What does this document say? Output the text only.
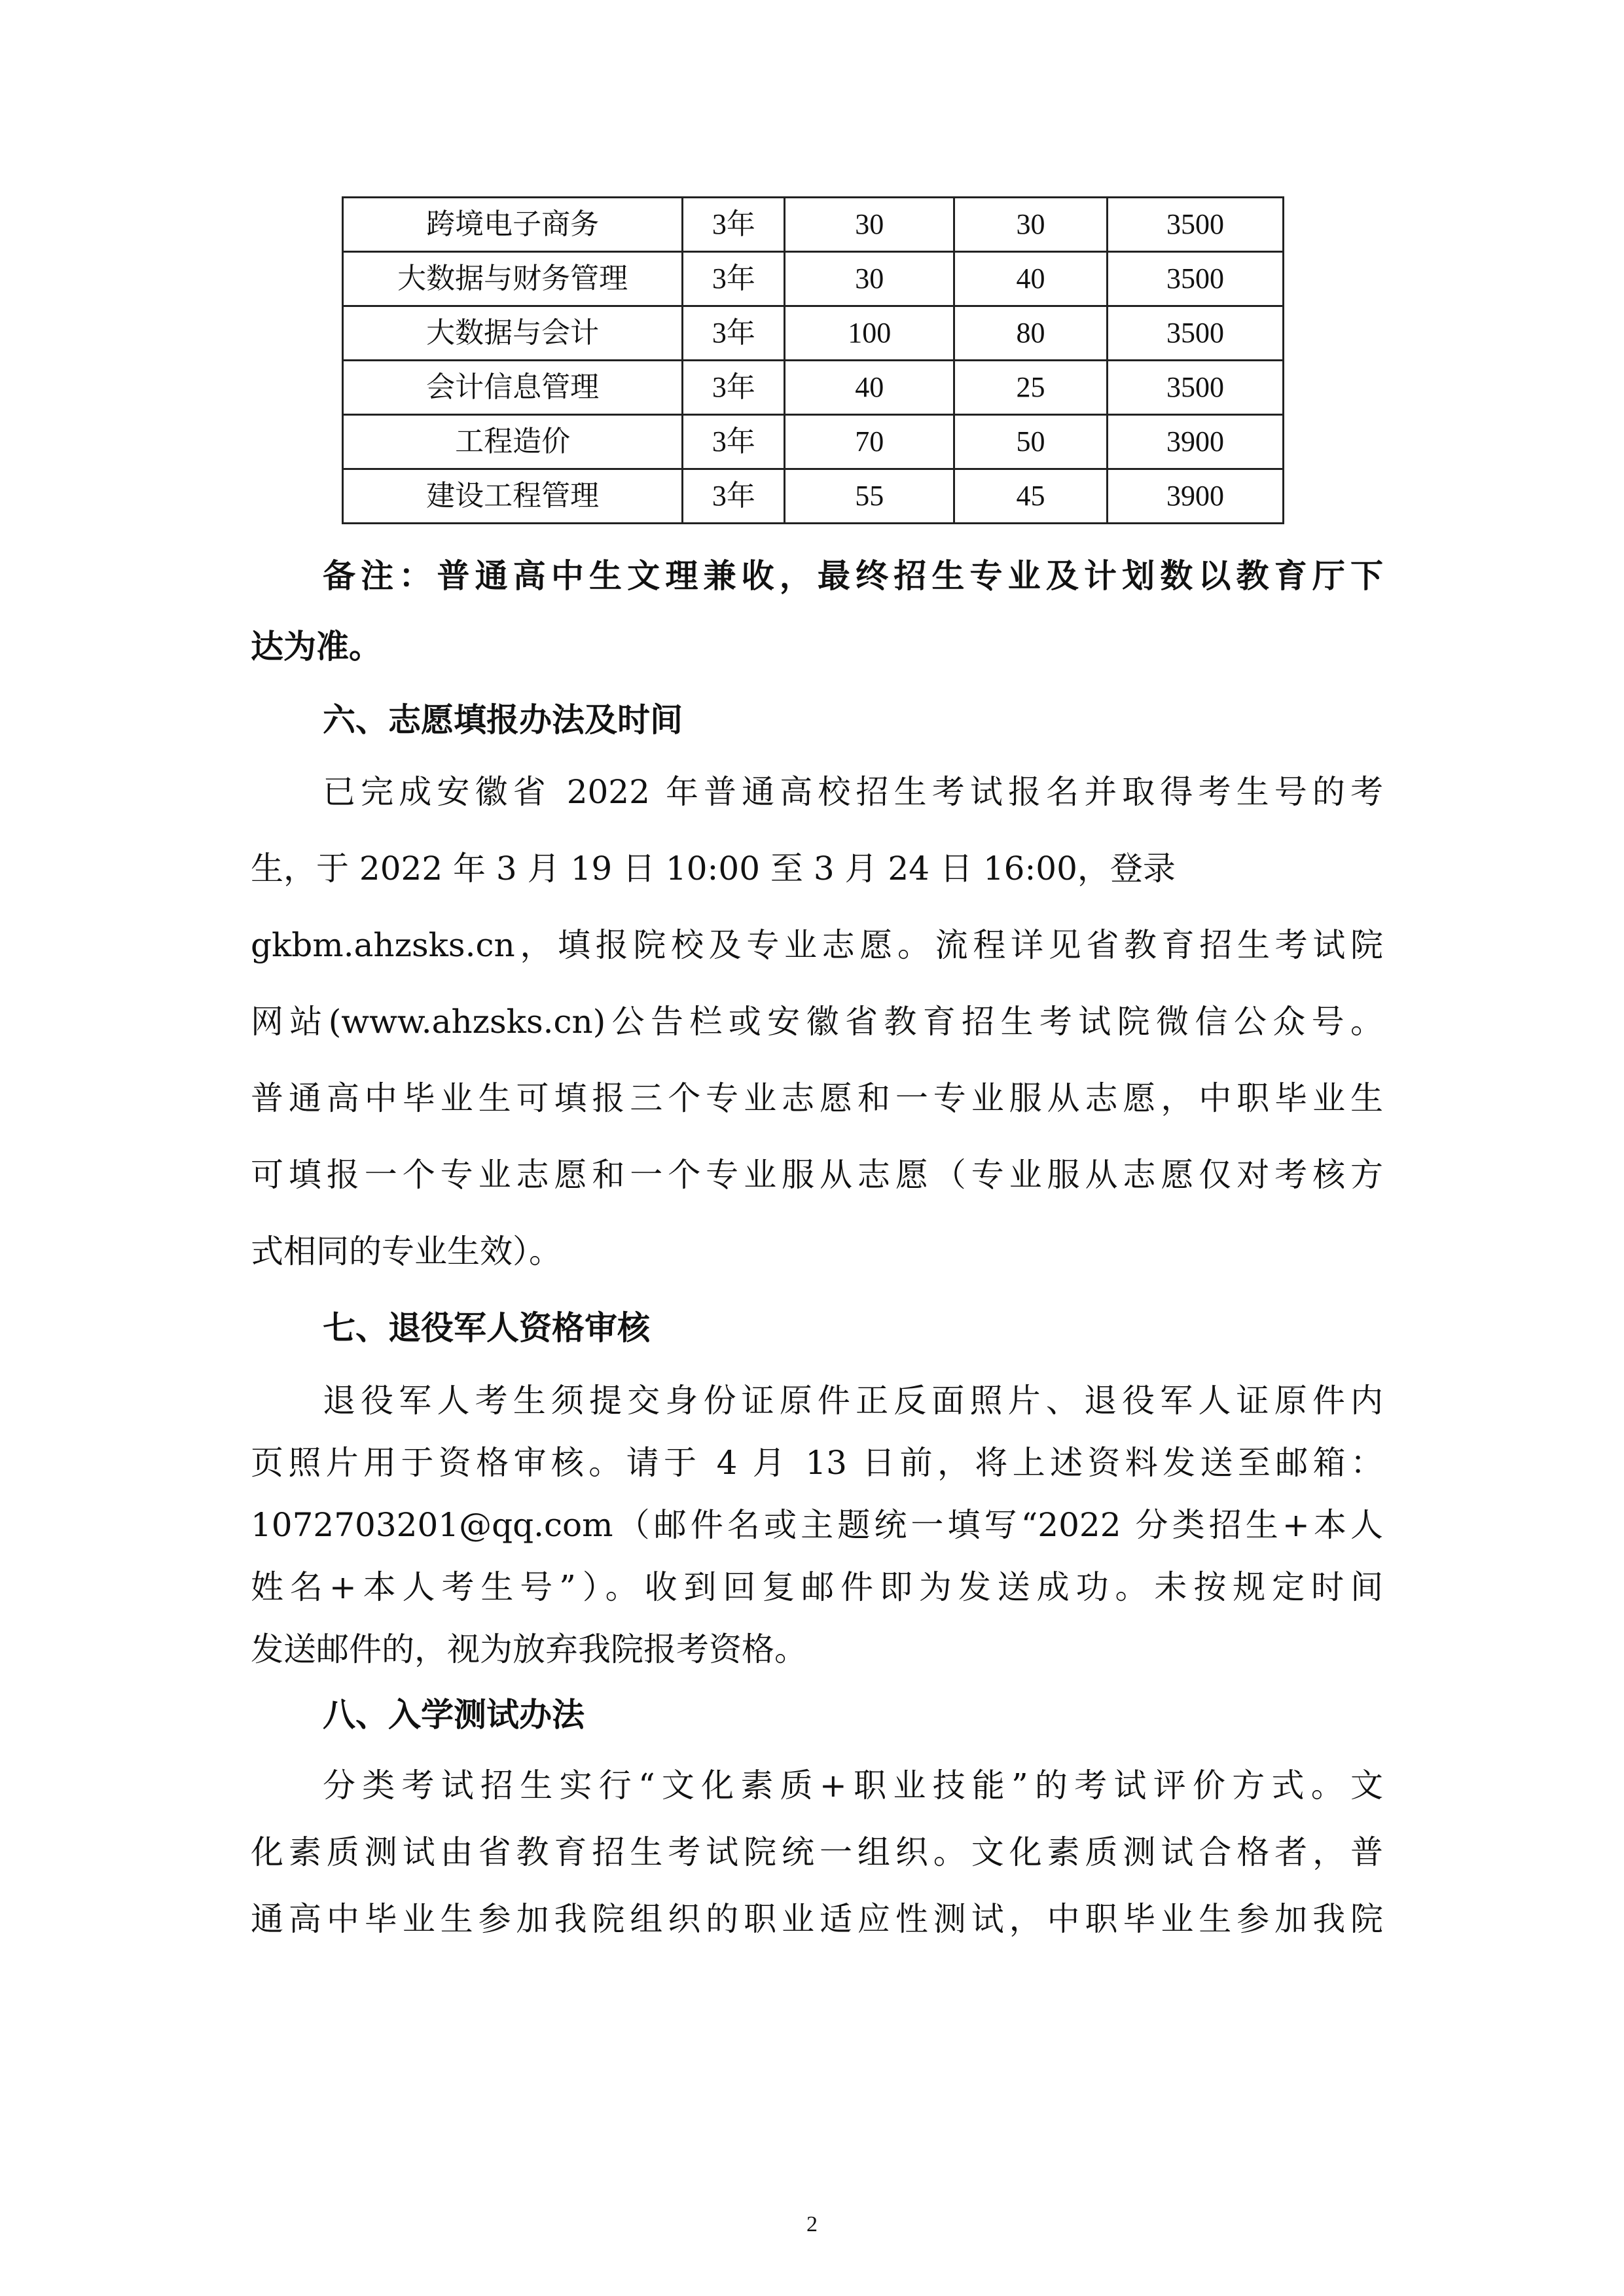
跨境电子商务	3年	30	30	3500
大数据与财务管理	3年	30	40	3500
大数据与会计	3年	100	80	3500
会计信息管理	3年	40	25	3500
工程造价	3年	70	50	3900
建设工程管理	3年	55	45	3900
备注：普通高中生文理兼收，最终招生专业及计划数以教育厅下
达为准。
六、志愿填报办法及时间
已完成安徽省 2022 年普通高校招生考试报名并取得考生号的考
生，于 2022 年 3 月 19 日 10:00 至 3 月 24 日 16:00，登录
gkbm.ahzsks.cn，填报院校及专业志愿。流程详见省教育招生考试院
网站(www.ahzsks.cn)公告栏或安徽省教育招生考试院微信公众号。
普通高中毕业生可填报三个专业志愿和一专业服从志愿，中职毕业生
可填报一个专业志愿和一个专业服从志愿（专业服从志愿仅对考核方
式相同的专业生效）。
七、退役军人资格审核
退役军人考生须提交身份证原件正反面照片、退役军人证原件内
页照片用于资格审核。请于 4 月 13 日前，将上述资料发送至邮箱：
1072703201@qq.com（邮件名或主题统一填写“2022 分类招生+本人
姓名+本人考生号”）。收到回复邮件即为发送成功。未按规定时间
发送邮件的，视为放弃我院报考资格。
八、入学测试办法
分类考试招生实行“文化素质+职业技能”的考试评价方式。文
化素质测试由省教育招生考试院统一组织。文化素质测试合格者，普
通高中毕业生参加我院组织的职业适应性测试，中职毕业生参加我院
2
